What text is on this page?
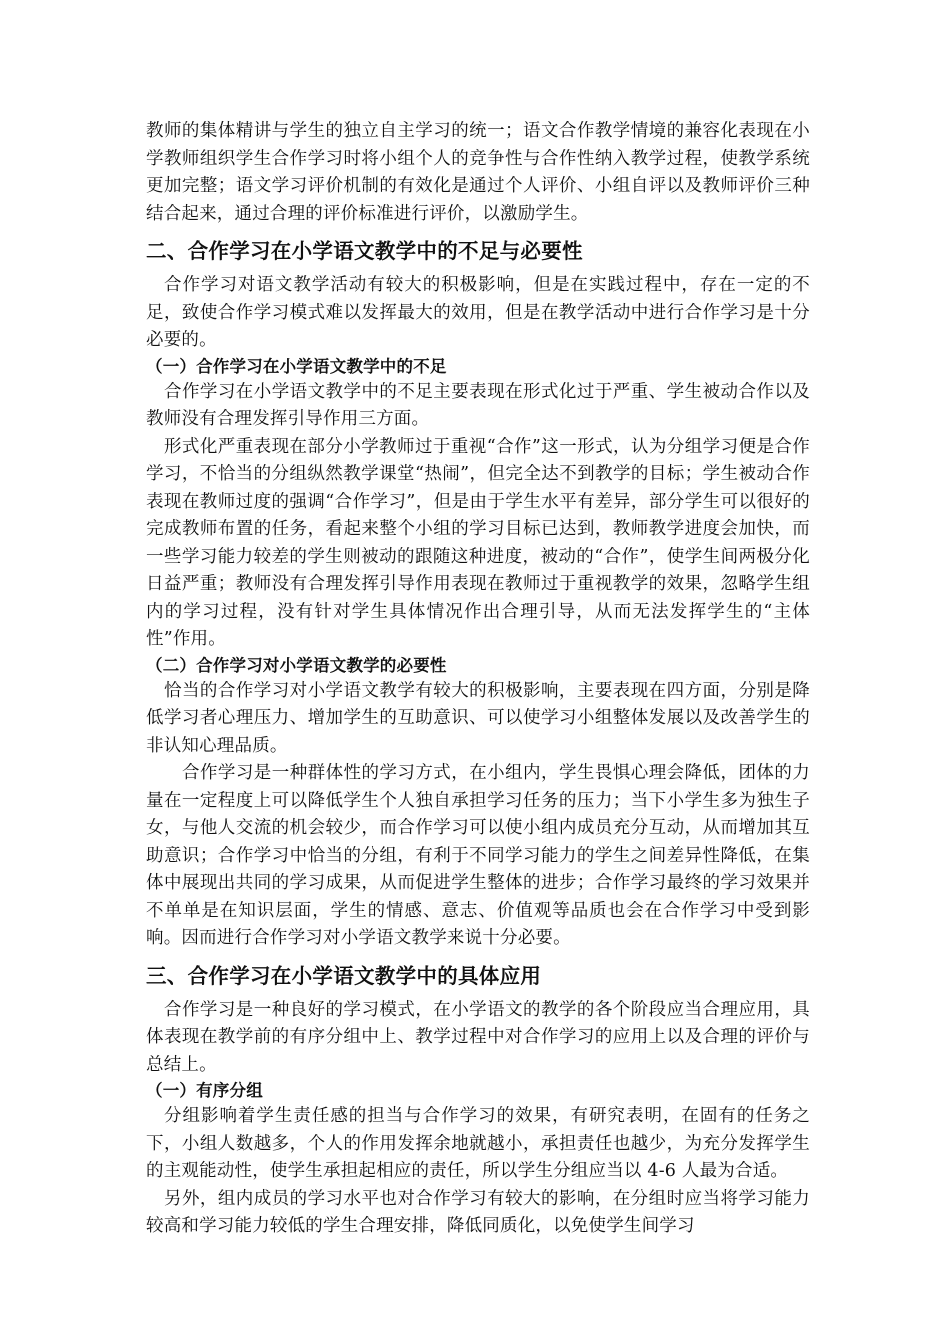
教师的集体精讲与学生的独立自主学习的统一；语文合作教学情境的兼容化表现在小学教师组织学生合作学习时将小组个人的竞争性与合作性纳入教学过程，使教学系统更加完整；语文学习评价机制的有效化是通过个人评价、小组自评以及教师评价三种结合起来，通过合理的评价标准进行评价，以激励学生。

二、合作学习在小学语文教学中的不足与必要性

合作学习对语文教学活动有较大的积极影响，但是在实践过程中，存在一定的不足，致使合作学习模式难以发挥最大的效用，但是在教学活动中进行合作学习是十分必要的。

（一）合作学习在小学语文教学中的不足

合作学习在小学语文教学中的不足主要表现在形式化过于严重、学生被动合作以及教师没有合理发挥引导作用三方面。

形式化严重表现在部分小学教师过于重视“合作”这一形式，认为分组学习便是合作学习，不恰当的分组纵然教学课堂“热闹”，但完全达不到教学的目标；学生被动合作表现在教师过度的强调“合作学习”，但是由于学生水平有差异，部分学生可以很好的完成教师布置的任务，看起来整个小组的学习目标已达到，教师教学进度会加快，而一些学习能力较差的学生则被动的跟随这种进度，被动的“合作”，使学生间两极分化日益严重；教师没有合理发挥引导作用表现在教师过于重视教学的效果，忽略学生组内的学习过程，没有针对学生具体情况作出合理引导，从而无法发挥学生的“主体性”作用。

（二）合作学习对小学语文教学的必要性

恰当的合作学习对小学语文教学有较大的积极影响，主要表现在四方面，分别是降低学习者心理压力、增加学生的互助意识、可以使学习小组整体发展以及改善学生的非认知心理品质。

合作学习是一种群体性的学习方式，在小组内，学生畏惧心理会降低，团体的力量在一定程度上可以降低学生个人独自承担学习任务的压力；当下小学生多为独生子女，与他人交流的机会较少，而合作学习可以使小组内成员充分互动，从而增加其互助意识；合作学习中恰当的分组，有利于不同学习能力的学生之间差异性降低，在集体中展现出共同的学习成果，从而促进学生整体的进步；合作学习最终的学习效果并不单单是在知识层面，学生的情感、意志、价值观等品质也会在合作学习中受到影响。因而进行合作学习对小学语文教学来说十分必要。

三、合作学习在小学语文教学中的具体应用

合作学习是一种良好的学习模式，在小学语文的教学的各个阶段应当合理应用，具体表现在教学前的有序分组中上、教学过程中对合作学习的应用上以及合理的评价与总结上。

（一）有序分组

分组影响着学生责任感的担当与合作学习的效果，有研究表明，在固有的任务之下，小组人数越多，个人的作用发挥余地就越小，承担责任也越少，为充分发挥学生的主观能动性，使学生承担起相应的责任，所以学生分组应当以 4-6 人最为合适。

另外，组内成员的学习水平也对合作学习有较大的影响，在分组时应当将学习能力较高和学习能力较低的学生合理安排，降低同质化，以免使学生间学习
